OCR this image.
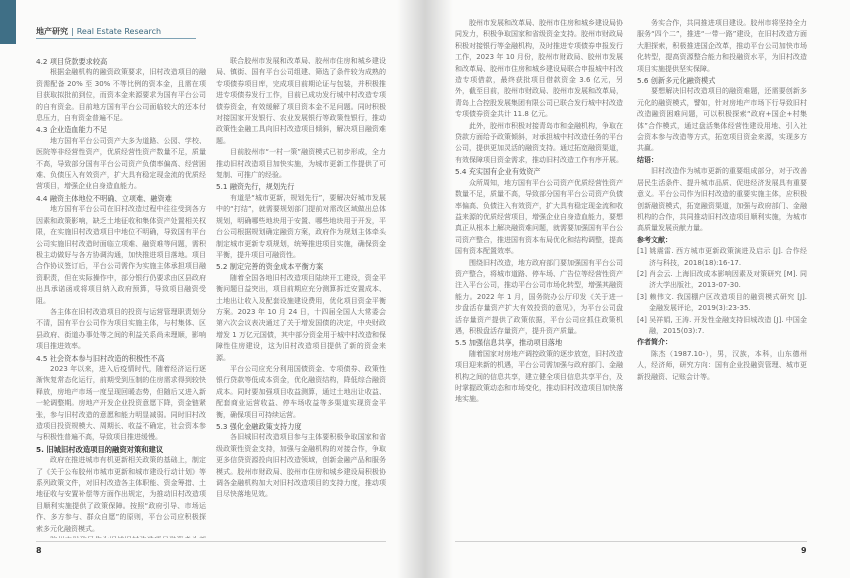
地产研究 | Real Estate Research

4.2 项目贷款要求较高

根据金融机构的融资政策要求，旧村改造项目的融资需配备 20% 至 30% 不等比例的资本金，且需在项目获取拟批前到位，而资本金来源要求为国有平台公司的自有资金。目前地方国有平台公司面临较大的还本付息压力，自有资金普遍不足。

4.3 企业造血能力不足

地方国有平台公司资产大多为道路、公园、学校、医院等非经营性资产，优质经营性资产数量不足，质量不高，导致部分国有平台公司资产负债率偏高、经营困难、负债压入有效资产，扩大具有稳定现金流的优质经营项目，增强企业自身造血能力。

4.4 融资主体地位不明确、立项难、融资难

地方国有平台公司在旧村改造过程中往往受到各方因素和政策影响，缺乏土地征收和集体资产处置相关权限，在实施旧村改造项目中地位不明确，导致国有平台公司实施旧村改造时面临立项难、融资难等问题，需积极主动做好与各方协调沟通，加快推进项目落地。项目合作协议签订后，平台公司需作为实施主体承担项目融资职责，但在实际操作中，部分银行仍要求由区县政府出具承诺函或将项目纳入政府预算，导致项目融资受阻。

各主体在旧村改造项目的投资与运营管理职责划分不清，国有平台公司作为项目实施主体，与村集体、区县政府、街道办事处等之间的利益关系尚未理顺，影响项目推进效率。

4.5 社会资本参与旧村改造的积极性不高

2023 年以来，进入后疫情时代，随着经济运行逐渐恢复常态化运行，前期受到压制的住房需求得到较快释放，房地产市场一度呈现回暖态势，但随后又进入新一轮调整期。房地产开发企业投资意愿下降，资金链紧张，参与旧村改造的意愿和能力明显减弱。同时旧村改造项目投资规模大、周期长、收益不确定，社会资本参与积极性普遍不高，导致项目推进缓慢。

5. 旧城旧村改造项目的融资对策和建议

政府在推进城市有机更新相关政策的基础上，制定了《关于公布胶州市城市更新和城市建设行动计划》等系列政策文件，对旧村改造各主体职能、资金筹措、土地征收与安置补偿等方面作出规定，为推动旧村改造项目顺利实施提供了政策保障。按照“政府引导、市场运作、多方参与、群众自愿”的原则，平台公司应积极探索多元化融资模式。

联合胶州市发展和改革局、胶州市住房和城乡建设局、镇街、国有平台公司组建、筛选了条件较为成熟的专项债券项目库，完成项目前期论证与包装，并积极推进专项债券发行工作，目前已成功发行城中村改造专项债券资金，有效缓解了项目资本金不足问题。同时积极对接国家开发银行、农业发展银行等政策性银行，推动政策性金融工具向旧村改造项目倾斜，解决项目融资难题。

目前胶州市“一村一策”融资模式已初步形成，全力推动旧村改造项目加快实施，为城市更新工作提供了可复制、可推广的经验。

5.1 融资先行，规划先行

有道是“城市更新，规划先行”，要解决好城市发展中的“打结”，就需要规划部门提前对需改区域做出总体规划，明确哪些地块用于安置、哪些地块用于开发，平台公司根据规划确定融资方案，政府作为规划主体牵头制定城市更新专项规划，统筹推进项目实施，确保资金平衡，提升项目可融资性。

5.2 制定完善的资金成本平衡方案

随着全国各地旧村改造项目陆续开工建设，资金平衡问题日益突出，项目前期应充分测算拆迁安置成本、土地出让收入及配套设施建设费用，优化项目资金平衡方案。2023 年 10 月 24 日，十四届全国人大常委会第六次会议表决通过了关于增发国债的决定，中央财政增发 1 万亿元国债，其中部分资金用于城中村改造和保障性住房建设，这为旧村改造项目提供了新的资金来源。

平台公司应充分利用国债资金、专项债券、政策性银行贷款等低成本资金，优化融资结构，降低综合融资成本。同时要加强项目收益测算，通过土地出让收益、配套商业运营收益、停车场收益等多渠道实现资金平衡，确保项目可持续运营。

5.3 强化金融政策支持力度

各旧城旧村改造项目参与主体要积极争取国家和省级政策性资金支持，加强与金融机构的对接合作，争取更多信贷资源投向旧村改造领域，创新金融产品和服务模式。胶州市财政局、胶州市住房和城乡建设局积极协调各金融机构加大对旧村改造项目的支持力度，推动项目尽快落地见效。

8

胶州市发展和改革局、胶州市住房和城乡建设局协同发力，积极争取国家和省级资金支持。胶州市财政局积极对接银行等金融机构，及时推进专项债券申报发行工作，2023 年 10 月份，胶州市财政局、胶州市发展和改革局、胶州市住房和城乡建设局联合申报城中村改造专项借款，最终获批项目借款资金 3.6 亿元，另外，截至目前，胶州市财政局、胶州市发展和改革局，青岛上合控股发展集团有限公司已联合发行城中村改造专项债券资金共计 11.8 亿元。

此外，胶州市积极对接青岛市和金融机构，争取在贷款方面给予政策倾斜，对承担城中村改造任务的平台公司，提供更加灵活的融资支持。通过拓宽融资渠道，有效保障项目资金需求，推动旧村改造工作有序开展。

5.4 充实国有企业有效资产

众所周知，地方国有平台公司资产优质经营性资产数量不足，质量不高，导致部分国有平台公司资产负债率偏高、负债注入有效资产，扩大具有稳定现金流和收益来源的优质经营项目，增强企业自身造血能力，要想真正从根本上解决融资难问题，就需要加强国有平台公司资产整合，推进国有资本布局优化和结构调整，提高国有资本配置效率。

围绕旧村改造，地方政府部门要加强国有平台公司资产整合，将城市道路、停车场、广告位等经营性资产注入平台公司，推动平台公司市场化转型，增强其融资能力。2022 年 1 月，国务院办公厅印发《关于进一步盘活存量资产扩大有效投资的意见》，为平台公司盘活存量资产提供了政策依据，平台公司应抓住政策机遇，积极盘活存量资产，提升资产质量。

5.5 加强信息共享，推动项目落地

随着国家对房地产调控政策的逐步放宽，旧村改造项目迎来新的机遇，平台公司需加强与政府部门、金融机构之间的信息共享，建立健全项目信息共享平台，及时掌握政策动态和市场变化，推动旧村改造项目加快落地实施。

务实合作，共同推进项目建设。胶州市将坚持全力服务“四个二”，推进“一带一路”建设，在旧村改造方面大胆探索，积极推进国企改革，推动平台公司加快市场化转型，提高资源整合能力和投融资水平，为旧村改造项目实施提供坚实保障。

5.6 创新多元化融资模式

要想解决旧村改造项目的融资难题，还需要创新多元化的融资模式，譬如，针对房地产市场下行导致旧村改造融资困难问题，可以积极探索“政府+国企+村集体”合作模式，通过盘活集体经营性建设用地、引入社会资本参与改造等方式，拓宽项目资金来源，实现多方共赢。

结语：

旧村改造作为城市更新的重要组成部分，对于改善居民生活条件、提升城市品质、促进经济发展具有重要意义。平台公司作为旧村改造的重要实施主体，应积极创新融资模式，拓宽融资渠道，加强与政府部门、金融机构的合作，共同推动旧村改造项目顺利实施，为城市高质量发展贡献力量。

参考文献：

[1] 姚震雷. 西方城市更新政策演进及启示 [J]. 合作经济与科技，2018(18):16-17.

[2] 肖会云. 上海旧改成本影响因素及对策研究 [M]. 同济大学出版社，2013-07-30.

[3] 赖伟文. 我国棚户区改造项目的融资模式研究 [J]. 金融发展评论，2019(3):23-35.

[4] 吴祥娟, 王涛. 开发性金融支持旧城改造 [J]. 中国金融，2015(03):7.

作者简介：

陈杰（1987.10-），男，汉族，本科，山东德州人，经济师，研究方向：国有企业投融资管理、城市更新投融资、记账会计等。

9
